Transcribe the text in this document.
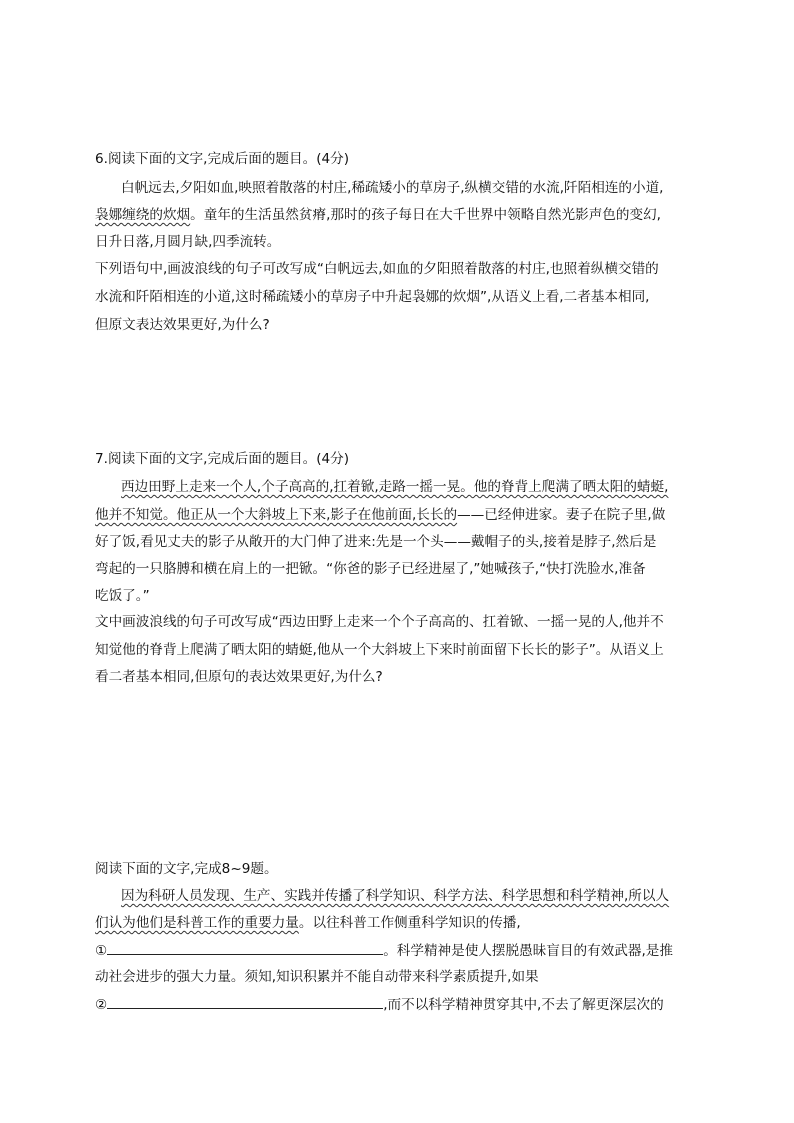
6.阅读下面的文字,完成后面的题目。(4分)
白帆远去,夕阳如血,映照着散落的村庄,稀疏矮小的草房子,纵横交错的水流,阡陌相连的小道,
袅娜缠绕的炊烟。童年的生活虽然贫瘠,那时的孩子每日在大千世界中领略自然光影声色的变幻,
日升日落,月圆月缺,四季流转。
下列语句中,画波浪线的句子可改写成“白帆远去,如血的夕阳照着散落的村庄,也照着纵横交错的
水流和阡陌相连的小道,这时稀疏矮小的草房子中升起袅娜的炊烟”,从语义上看,二者基本相同,
但原文表达效果更好,为什么?
7.阅读下面的文字,完成后面的题目。(4分)
西边田野上走来一个人,个子高高的,扛着锨,走路一摇一晃。他的脊背上爬满了晒太阳的蜻蜓,
他并不知觉。他正从一个大斜坡上下来,影子在他前面,长长的——已经伸进家。妻子在院子里,做
好了饭,看见丈夫的影子从敞开的大门伸了进来:先是一个头——戴帽子的头,接着是脖子,然后是
弯起的一只胳膊和横在肩上的一把锨。“你爸的影子已经进屋了,”她喊孩子,“快打洗脸水,准备
吃饭了。”
文中画波浪线的句子可改写成“西边田野上走来一个个子高高的、扛着锨、一摇一晃的人,他并不
知觉他的脊背上爬满了晒太阳的蜻蜓,他从一个大斜坡上下来时前面留下长长的影子”。从语义上
看二者基本相同,但原句的表达效果更好,为什么?
阅读下面的文字,完成8~9题。
因为科研人员发现、生产、实践并传播了科学知识、科学方法、科学思想和科学精神,所以人
们认为他们是科普工作的重要力量。以往科普工作侧重科学知识的传播,
①	。科学精神是使人摆脱愚昧盲目的有效武器,是推
动社会进步的强大力量。须知,知识积累并不能自动带来科学素质提升,如果
②	,而不以科学精神贯穿其中,不去了解更深层次的
